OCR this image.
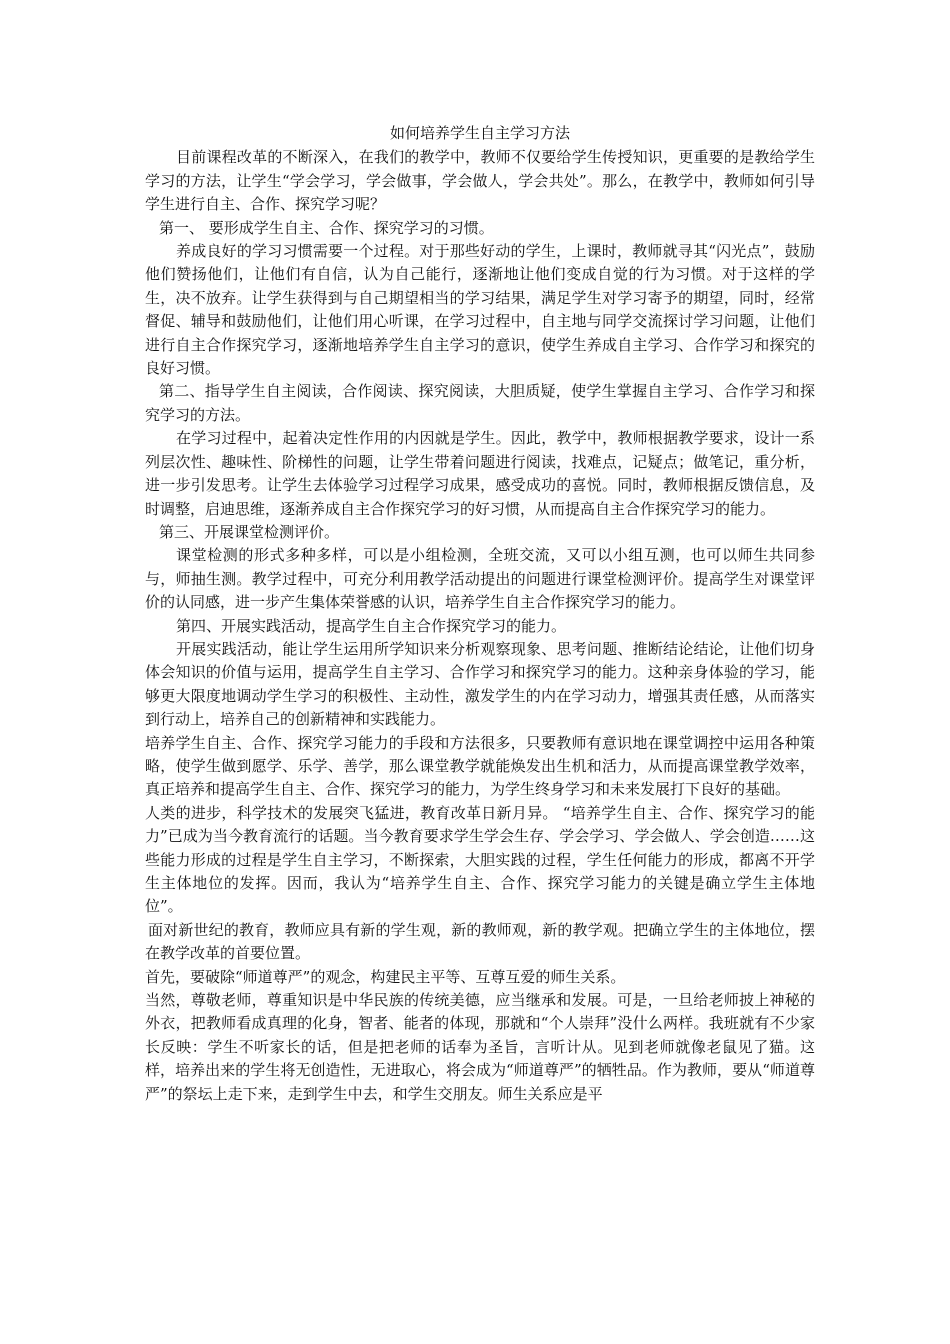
如何培养学生自主学习方法

目前课程改革的不断深入，在我们的教学中，教师不仅要给学生传授知识，更重要的是教给学生学习的方法，让学生“学会学习，学会做事，学会做人，学会共处”。那么，在教学中，教师如何引导学生进行自主、合作、探究学习呢？

第一、 要形成学生自主、合作、探究学习的习惯。

养成良好的学习习惯需要一个过程。对于那些好动的学生，上课时，教师就寻其“闪光点”，鼓励他们赞扬他们，让他们有自信，认为自己能行，逐渐地让他们变成自觉的行为习惯。对于这样的学生，决不放弃。让学生获得到与自己期望相当的学习结果，满足学生对学习寄予的期望，同时，经常督促、辅导和鼓励他们，让他们用心听课，在学习过程中，自主地与同学交流探讨学习问题，让他们进行自主合作探究学习，逐渐地培养学生自主学习的意识，使学生养成自主学习、合作学习和探究的良好习惯。

第二、指导学生自主阅读，合作阅读、探究阅读，大胆质疑，使学生掌握自主学习、合作学习和探究学习的方法。

在学习过程中，起着决定性作用的内因就是学生。因此，教学中，教师根据教学要求，设计一系列层次性、趣味性、阶梯性的问题，让学生带着问题进行阅读，找难点，记疑点；做笔记，重分析，进一步引发思考。让学生去体验学习过程学习成果，感受成功的喜悦。同时，教师根据反馈信息，及时调整，启迪思维，逐渐养成自主合作探究学习的好习惯，从而提高自主合作探究学习的能力。

第三、开展课堂检测评价。

课堂检测的形式多种多样，可以是小组检测，全班交流，又可以小组互测，也可以师生共同参与，师抽生测。教学过程中，可充分利用教学活动提出的问题进行课堂检测评价。提高学生对课堂评价的认同感，进一步产生集体荣誉感的认识，培养学生自主合作探究学习的能力。

第四、开展实践活动，提高学生自主合作探究学习的能力。

开展实践活动，能让学生运用所学知识来分析观察现象、思考问题、推断结论结论，让他们切身体会知识的价值与运用，提高学生自主学习、合作学习和探究学习的能力。这种亲身体验的学习，能够更大限度地调动学生学习的积极性、主动性，激发学生的内在学习动力，增强其责任感，从而落实到行动上，培养自己的创新精神和实践能力。

培养学生自主、合作、探究学习能力的手段和方法很多，只要教师有意识地在课堂调控中运用各种策略，使学生做到愿学、乐学、善学，那么课堂教学就能焕发出生机和活力，从而提高课堂教学效率，真正培养和提高学生自主、合作、探究学习的能力，为学生终身学习和未来发展打下良好的基础。

人类的进步，科学技术的发展突飞猛进，教育改革日新月异。 “培养学生自主、合作、探究学习的能力”已成为当今教育流行的话题。当今教育要求学生学会生存、学会学习、学会做人、学会创造……这些能力形成的过程是学生自主学习，不断探索，大胆实践的过程，学生任何能力的形成，都离不开学生主体地位的发挥。因而，我认为“培养学生自主、合作、探究学习能力的关键是确立学生主体地位”。

面对新世纪的教育，教师应具有新的学生观，新的教师观，新的教学观。把确立学生的主体地位，摆在教学改革的首要位置。

首先，要破除“师道尊严”的观念，构建民主平等、互尊互爱的师生关系。

当然，尊敬老师，尊重知识是中华民族的传统美德，应当继承和发展。可是，一旦给老师披上神秘的外衣，把教师看成真理的化身，智者、能者的体现，那就和“个人崇拜”没什么两样。我班就有不少家长反映：学生不听家长的话，但是把老师的话奉为圣旨，言听计从。见到老师就像老鼠见了猫。这样，培养出来的学生将无创造性，无进取心，将会成为“师道尊严”的牺牲品。作为教师，要从“师道尊严”的祭坛上走下来，走到学生中去，和学生交朋友。师生关系应是平
